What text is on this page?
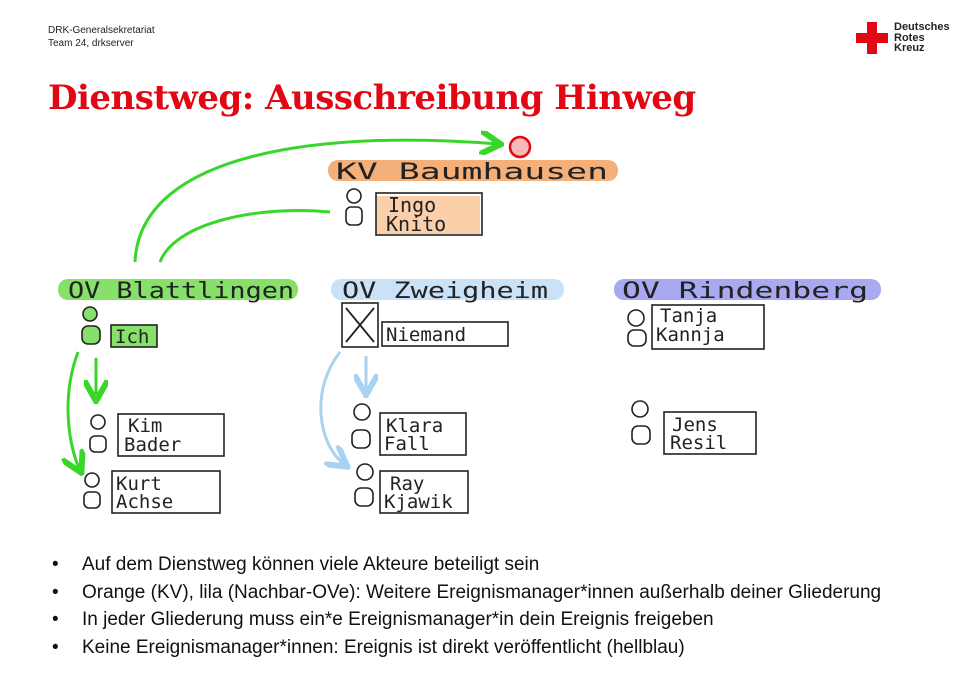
DRK-Generalsekretariat
Team 24, drkserver
Deutsches
Rotes
Kreuz
Dienstweg: Ausschreibung Hinweg
KV Baumhausen
Ingo
Knito
OV Blattlingen
Ich
Kim
Bader
Kurt
Achse
OV Zweigheim
Niemand
Klara
Fall
Ray
Kjawik
OV Rindenberg
Tanja
Kannja
Jens
Resil
• Auf dem Dienstweg können viele Akteure beteiligt sein
• Orange (KV), lila (Nachbar-OVe): Weitere Ereignismanager*innen außerhalb deiner Gliederung
• In jeder Gliederung muss ein*e Ereignismanager*in dein Ereignis freigeben
• Keine Ereignismanager*innen: Ereignis ist direkt veröffentlicht (hellblau)
